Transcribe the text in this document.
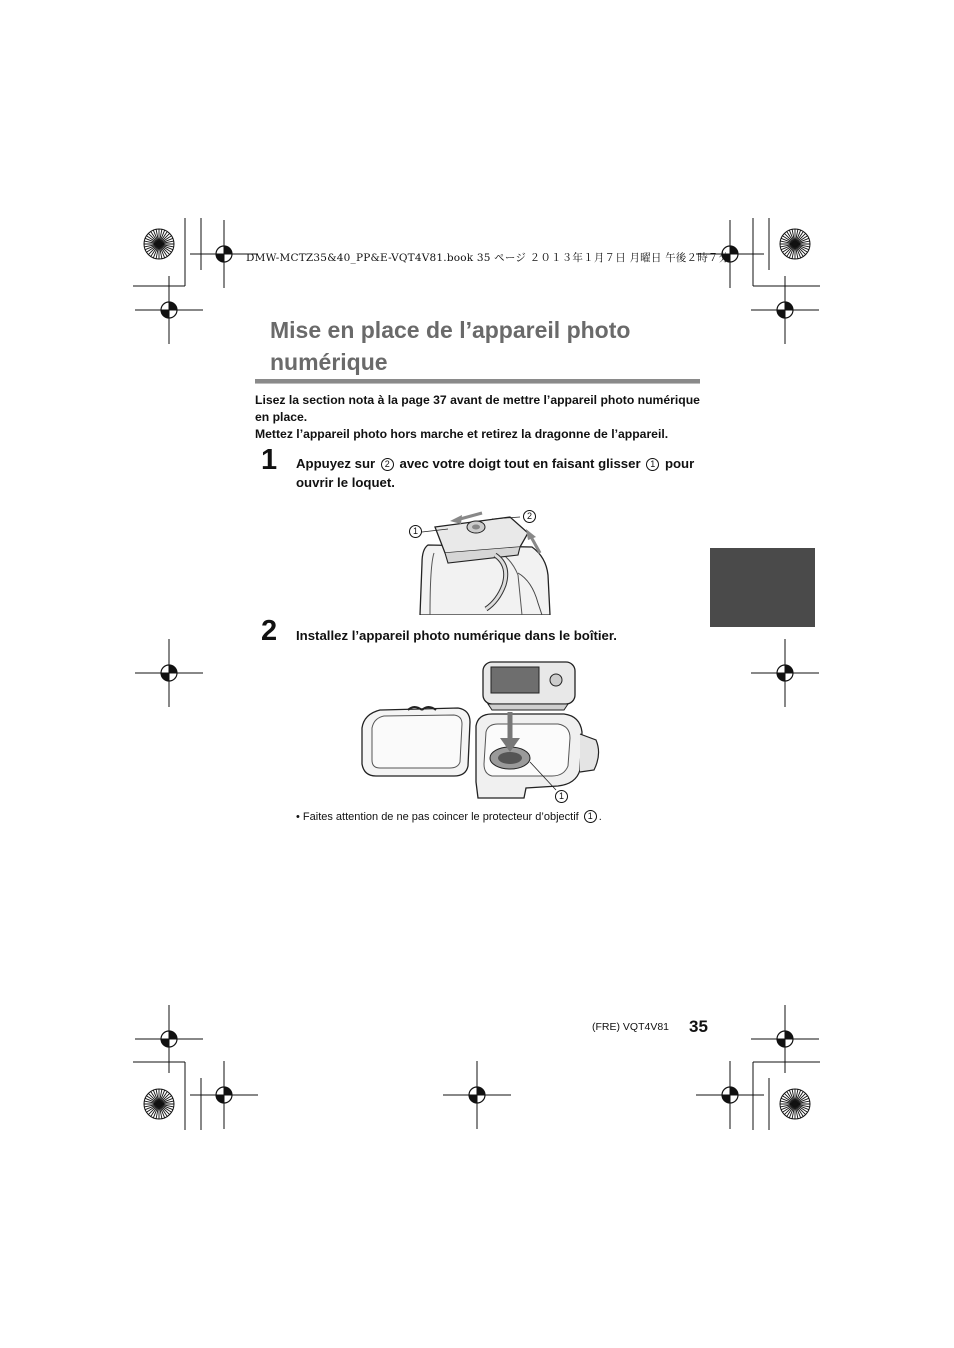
DMW-MCTZ35&40_PP&E-VQT4V81.book 35 ページ ２０１３年１月７日 月曜日 午後２時７分
Mise en place de l’appareil photo numérique
Lisez la section nota à la page 37 avant de mettre l’appareil photo numérique en place.
Mettez l’appareil photo hors marche et retirez la dragonne de l’appareil.
1 Appuyez sur 2 avec votre doigt tout en faisant glisser 1 pour ouvrir le loquet.
1
2
2 Installez l’appareil photo numérique dans le boîtier.
1
• Faites attention de ne pas coincer le protecteur d’objectif 1 .
(FRE) VQT4V81 35
